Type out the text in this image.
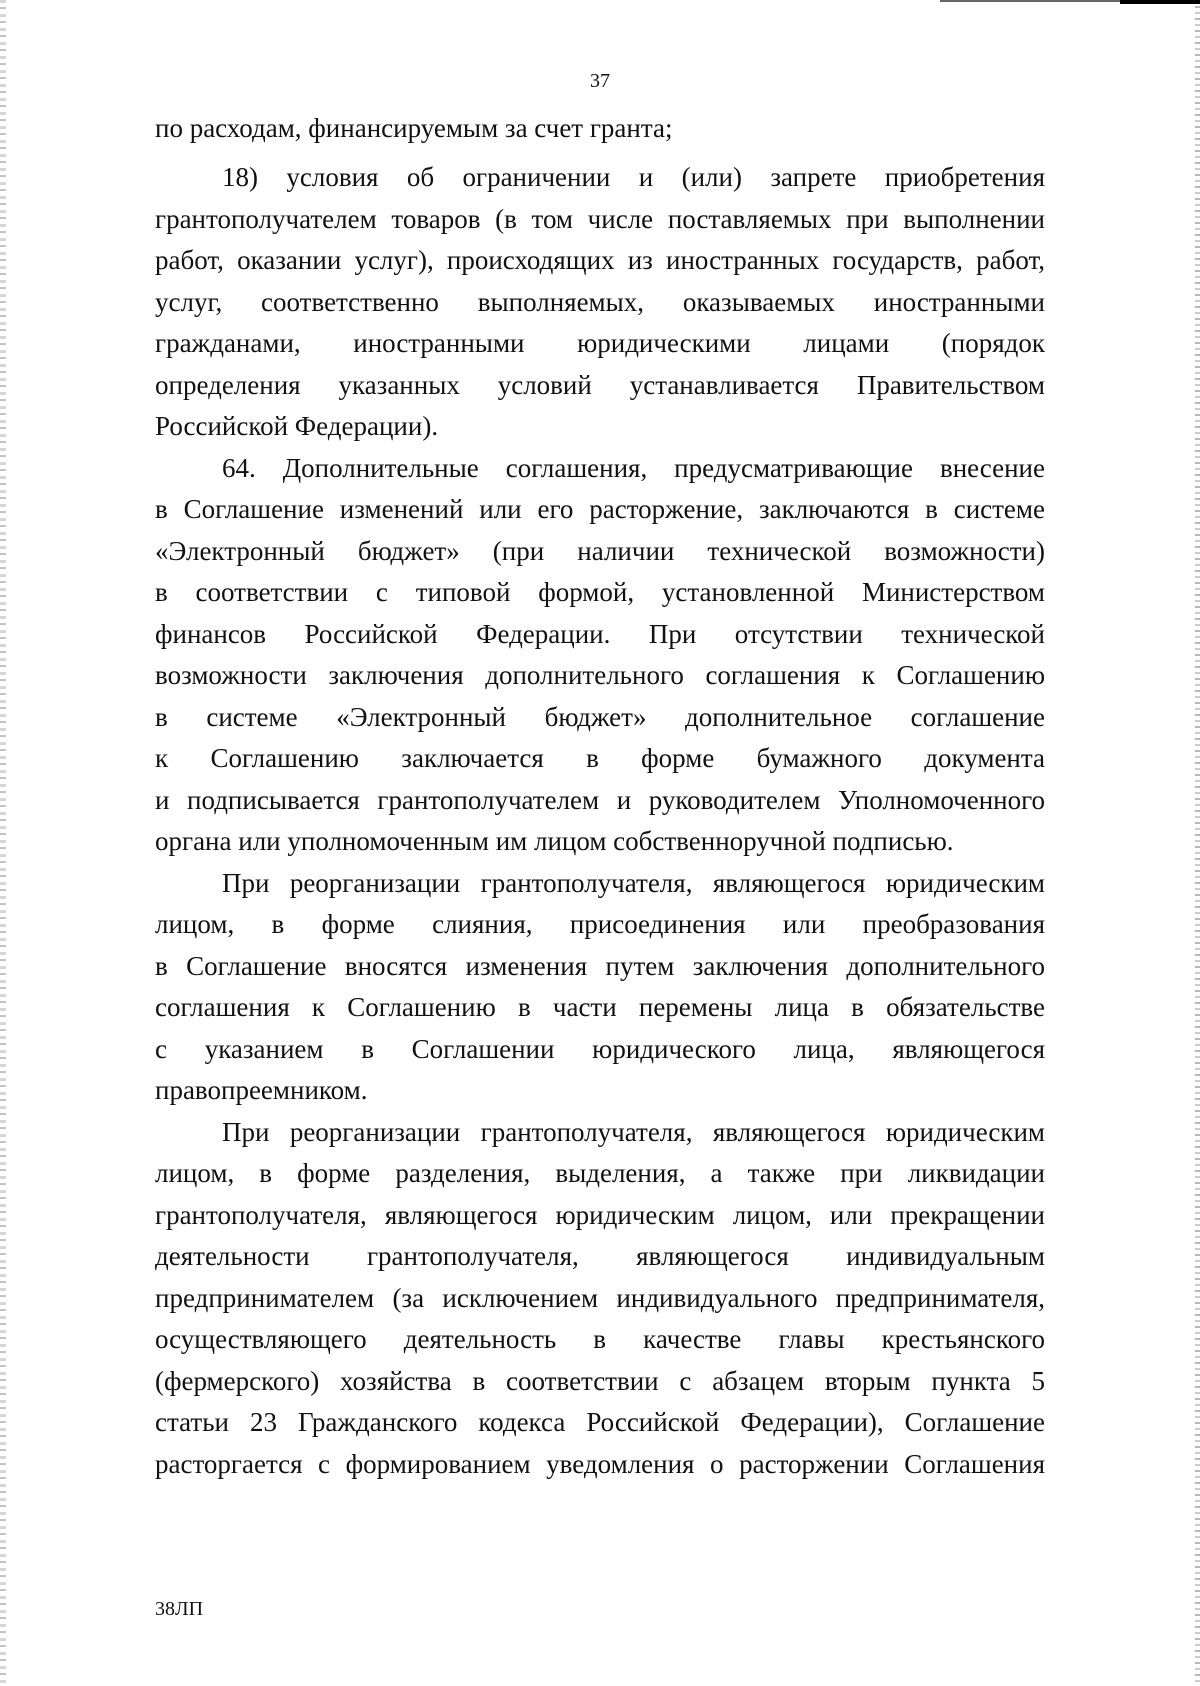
37
по расходам, финансируемым за счет гранта;
18) условия об ограничении и (или) запрете приобретения
грантополучателем товаров (в том числе поставляемых при выполнении
работ, оказании услуг), происходящих из иностранных государств, работ,
услуг, соответственно выполняемых, оказываемых иностранными
гражданами, иностранными юридическими лицами (порядок
определения указанных условий устанавливается Правительством
Российской Федерации).
64. Дополнительные соглашения, предусматривающие внесение
в Соглашение изменений или его расторжение, заключаются в системе
«Электронный бюджет» (при наличии технической возможности)
в соответствии с типовой формой, установленной Министерством
финансов Российской Федерации. При отсутствии технической
возможности заключения дополнительного соглашения к Соглашению
в системе «Электронный бюджет» дополнительное соглашение
к Соглашению заключается в форме бумажного документа
и подписывается грантополучателем и руководителем Уполномоченного
органа или уполномоченным им лицом собственноручной подписью.
При реорганизации грантополучателя, являющегося юридическим
лицом, в форме слияния, присоединения или преобразования
в Соглашение вносятся изменения путем заключения дополнительного
соглашения к Соглашению в части перемены лица в обязательстве
с указанием в Соглашении юридического лица, являющегося
правопреемником.
При реорганизации грантополучателя, являющегося юридическим
лицом, в форме разделения, выделения, а также при ликвидации
грантополучателя, являющегося юридическим лицом, или прекращении
деятельности грантополучателя, являющегося индивидуальным
предпринимателем (за исключением индивидуального предпринимателя,
осуществляющего деятельность в качестве главы крестьянского
(фермерского) хозяйства в соответствии с абзацем вторым пункта 5
статьи 23 Гражданского кодекса Российской Федерации), Соглашение
расторгается с формированием уведомления о расторжении Соглашения
38ЛП
